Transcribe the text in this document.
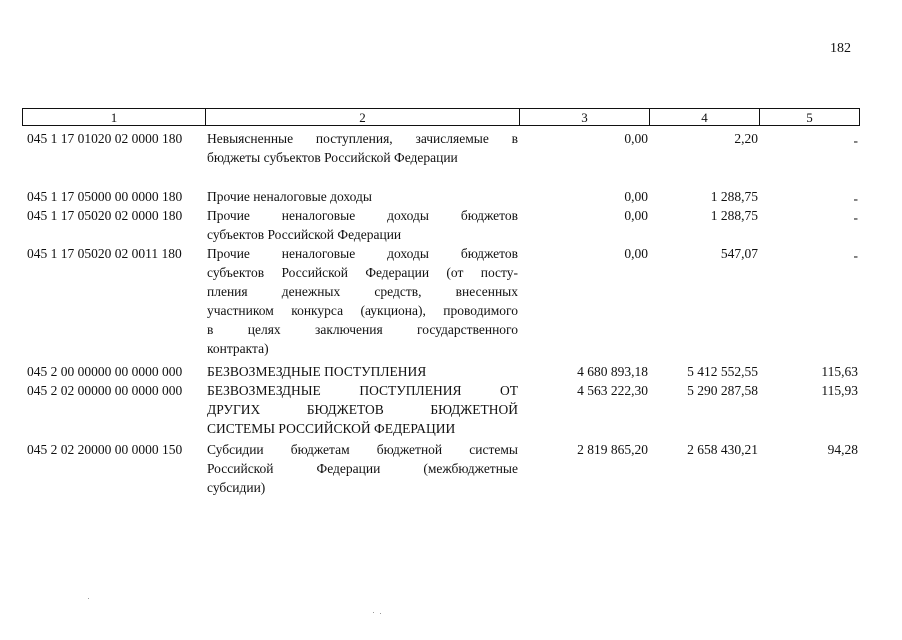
182
1	2	3	4	5
045 1 17 01020 02 0000 180	Невыясненные поступления, зачисляемые в
бюджеты субъектов Российской Федерации
0,00	2,20	-
045 1 17 05000 00 0000 180	Прочие неналоговые доходы	0,00	1 288,75	-
045 1 17 05020 02 0000 180	Прочие неналоговые доходы бюджетов
субъектов Российской Федерации
0,00	1 288,75	-
045 1 17 05020 02 0011 180	Прочие неналоговые доходы бюджетов
субъектов Российской Федерации (от посту-
пления денежных средств, внесенных
участником конкурса (аукциона), проводимого
в целях заключения государственного
контракта)
0,00	547,07	-
045 2 00 00000 00 0000 000	БЕЗВОЗМЕЗДНЫЕ ПОСТУПЛЕНИЯ	4 680 893,18	5 412 552,55	115,63
045 2 02 00000 00 0000 000	БЕЗВОЗМЕЗДНЫЕ ПОСТУПЛЕНИЯ ОТ
ДРУГИХ БЮДЖЕТОВ БЮДЖЕТНОЙ
СИСТЕМЫ РОССИЙСКОЙ ФЕДЕРАЦИИ
4 563 222,30	5 290 287,58	115,93
045 2 02 20000 00 0000 150	Субсидии бюджетам бюджетной системы
Российской Федерации (межбюджетные
субсидии)
2 819 865,20	2 658 430,21	94,28
